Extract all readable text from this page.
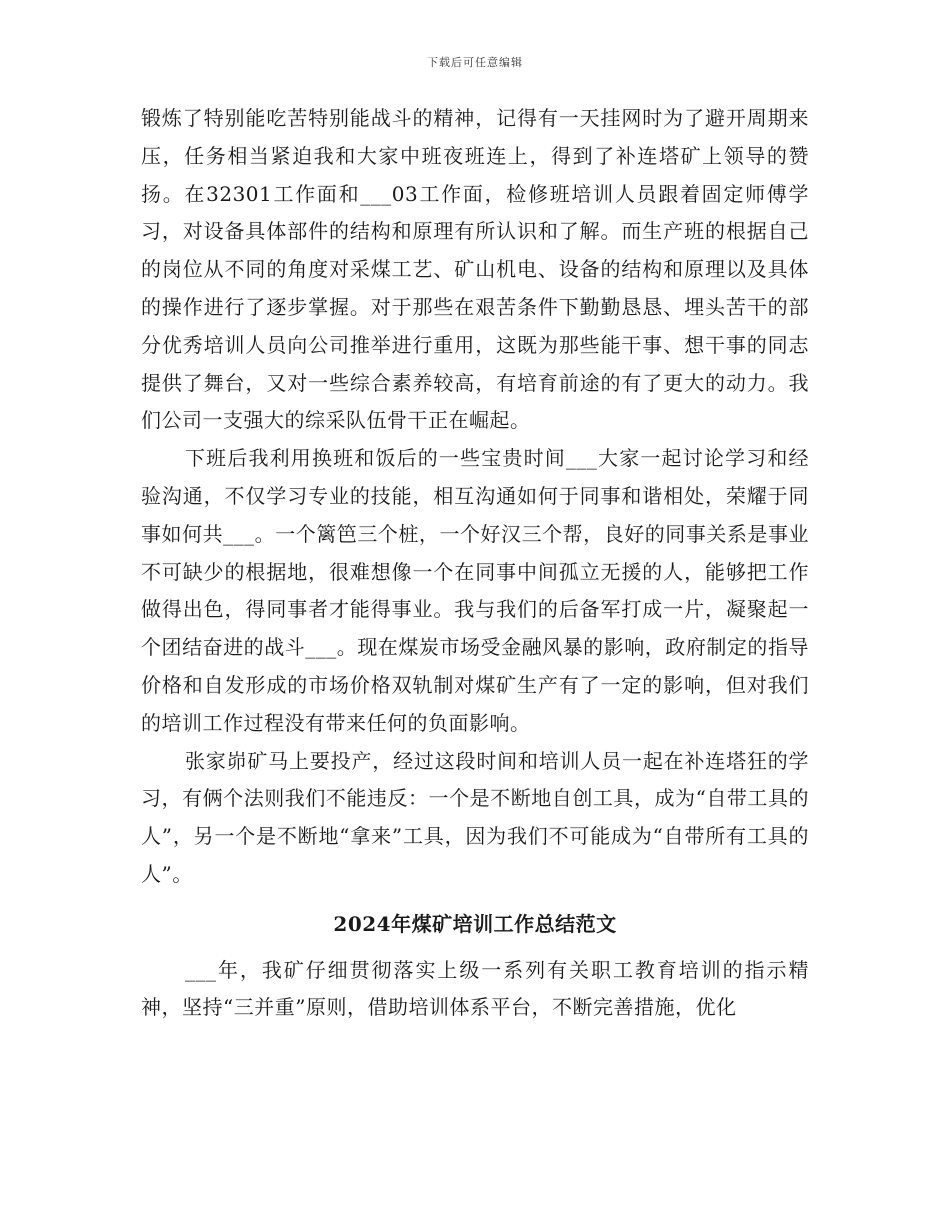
下载后可任意编辑

锻炼了特别能吃苦特别能战斗的精神，记得有一天挂网时为了避开周期来压，任务相当紧迫我和大家中班夜班连上，得到了补连塔矿上领导的赞扬。在32301工作面和___03工作面，检修班培训人员跟着固定师傅学习，对设备具体部件的结构和原理有所认识和了解。而生产班的根据自己的岗位从不同的角度对采煤工艺、矿山机电、设备的结构和原理以及具体的操作进行了逐步掌握。对于那些在艰苦条件下勤勤恳恳、埋头苦干的部分优秀培训人员向公司推举进行重用，这既为那些能干事、想干事的同志提供了舞台，又对一些综合素养较高，有培育前途的有了更大的动力。我们公司一支强大的综采队伍骨干正在崛起。

下班后我利用换班和饭后的一些宝贵时间___大家一起讨论学习和经验沟通，不仅学习专业的技能，相互沟通如何于同事和谐相处，荣耀于同事如何共___。一个篱笆三个桩，一个好汉三个帮，良好的同事关系是事业不可缺少的根据地，很难想像一个在同事中间孤立无援的人，能够把工作做得出色，得同事者才能得事业。我与我们的后备军打成一片，凝聚起一个团结奋进的战斗___。现在煤炭市场受金融风暴的影响，政府制定的指导价格和自发形成的市场价格双轨制对煤矿生产有了一定的影响，但对我们的培训工作过程没有带来任何的负面影响。

张家峁矿马上要投产，经过这段时间和培训人员一起在补连塔狂的学习，有俩个法则我们不能违反：一个是不断地自创工具，成为“自带工具的人”，另一个是不断地“拿来”工具，因为我们不可能成为“自带所有工具的人”。

2024年煤矿培训工作总结范文

___年，我矿仔细贯彻落实上级一系列有关职工教育培训的指示精神，坚持“三并重”原则，借助培训体系平台，不断完善措施，优化
